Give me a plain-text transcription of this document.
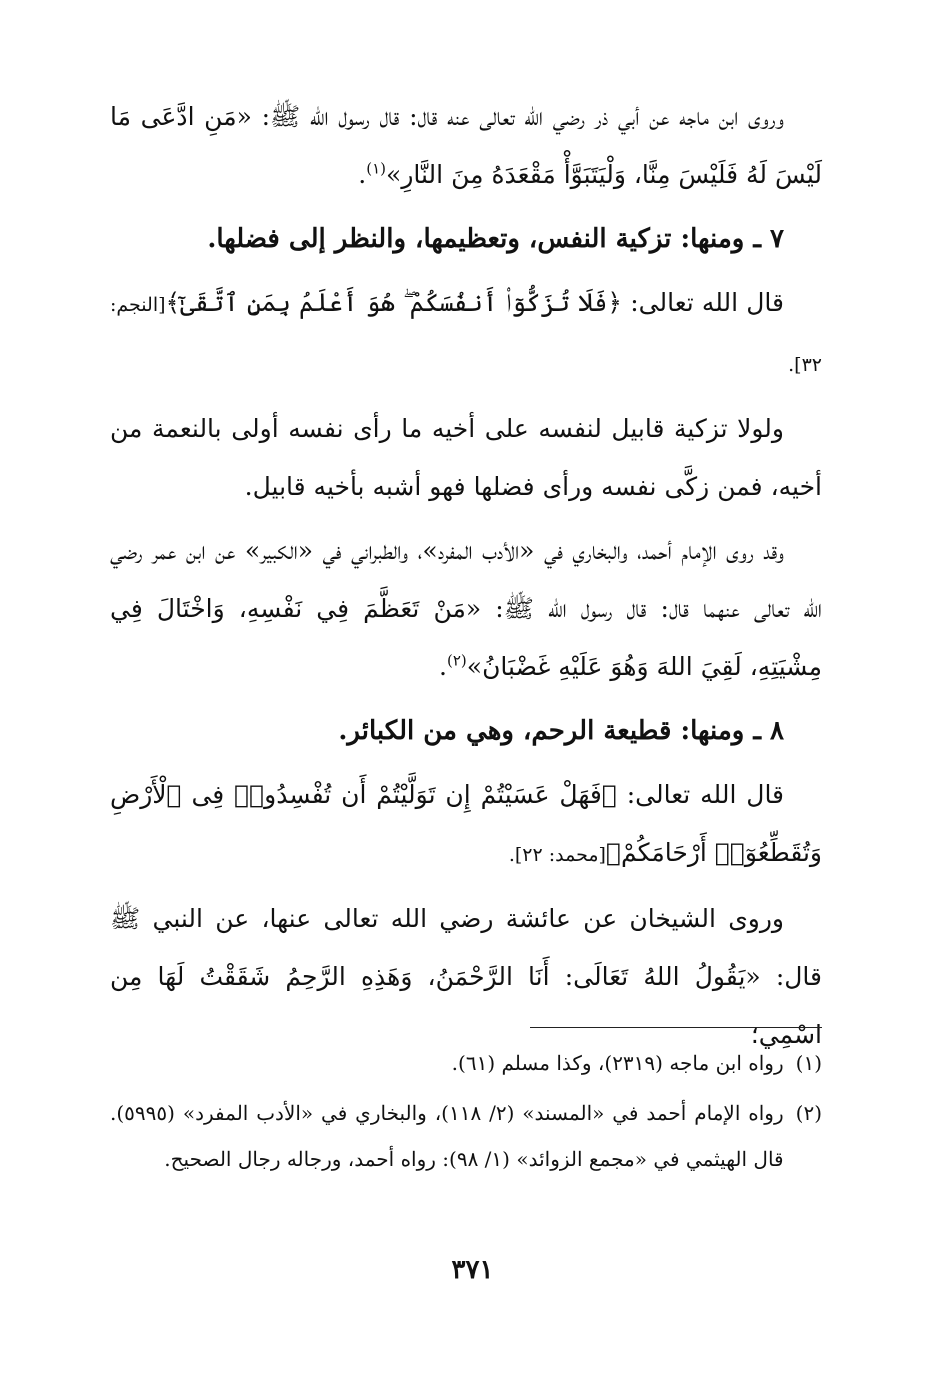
وروى ابن ماجه عن أبي ذر رضي الله تعالى عنه قال: قال رسول الله ﷺ: «مَنِ ادَّعَى مَا لَيْسَ لَهُ فَلَيْسَ مِنَّا، وَلْيَتَبَوَّأْ مَقْعَدَهُ مِنَ النَّارِ»$^{(١)}$.

٧ ـ ومنها: تزكية النفس، وتعظيمها، والنظر إلى فضلها.

قال الله تعالى: ﴿فَلَا تُزَكُّوٓا۟ أَنفُسَكُمْ ۖ هُوَ أَعْلَمُ بِمَنِ ٱتَّقَىٰٓ﴾[النجم: ٣٢].

ولولا تزكية قابيل لنفسه على أخيه ما رأى نفسه أولى بالنعمة من أخيه، فمن زكَّى نفسه ورأى فضلها فهو أشبه بأخيه قابيل.

وقد روى الإمام أحمد، والبخاري في «الأدب المفرد»، والطبراني في «الكبير» عن ابن عمر رضي الله تعالى عنهما قال: قال رسول الله ﷺ: «مَنْ تَعَظَّمَ فِي نَفْسِهِ، وَاخْتَالَ فِي مِشْيَتِهِ، لَقِيَ اللهَ وَهُوَ عَلَيْهِ غَضْبَانُ»$^{(٢)}$.

٨ ـ ومنها: قطيعة الرحم، وهي من الكبائر.

قال الله تعالى: ﴿فَهَلْ عَسَيْتُمْ إِن تَوَلَّيْتُمْ أَن تُفْسِدُوا۟ فِى ٱلْأَرْضِ وَتُقَطِّعُوٓا۟ أَرْحَامَكُمْ﴾[محمد: ٢٢].

وروى الشيخان عن عائشة رضي الله تعالى عنها، عن النبي ﷺ قال: «يَقُولُ اللهُ تَعَالَى: أَنَا الرَّحْمَنُ، وَهَذِهِ الرَّحِمُ شَقَقْتُ لَهَا مِن اسْمِي؛

(١)
رواه ابن ماجه (٢٣١٩)، وكذا مسلم (٦١).
(٢)
رواه الإمام أحمد في «المسند» (٢/ ١١٨)، والبخاري في «الأدب المفرد» (٥٩٩٥). قال الهيثمي في «مجمع الزوائد» (١/ ٩٨): رواه أحمد، ورجاله رجال الصحيح.
٣٧١
